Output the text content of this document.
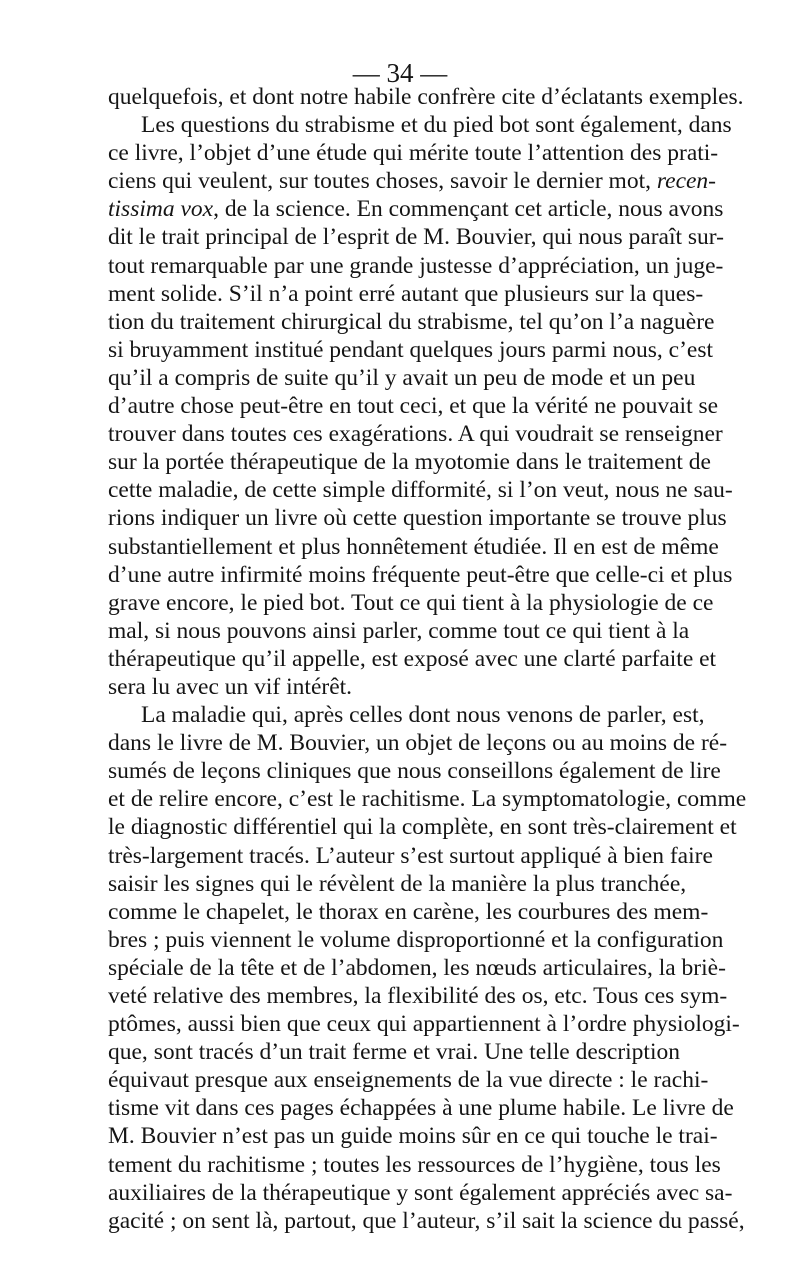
— 34 —
quelquefois, et dont notre habile confrère cite d’éclatants exemples.
Les questions du strabisme et du pied bot sont également, dans
ce livre, l’objet d’une étude qui mérite toute l’attention des prati-
ciens qui veulent, sur toutes choses, savoir le dernier mot, recen-
tissima vox, de la science. En commençant cet article, nous avons
dit le trait principal de l’esprit de M. Bouvier, qui nous paraît sur-
tout remarquable par une grande justesse d’appréciation, un juge-
ment solide. S’il n’a point erré autant que plusieurs sur la ques-
tion du traitement chirurgical du strabisme, tel qu’on l’a naguère
si bruyamment institué pendant quelques jours parmi nous, c’est
qu’il a compris de suite qu’il y avait un peu de mode et un peu
d’autre chose peut-être en tout ceci, et que la vérité ne pouvait se
trouver dans toutes ces exagérations. A qui voudrait se renseigner
sur la portée thérapeutique de la myotomie dans le traitement de
cette maladie, de cette simple difformité, si l’on veut, nous ne sau-
rions indiquer un livre où cette question importante se trouve plus
substantiellement et plus honnêtement étudiée. Il en est de même
d’une autre infirmité moins fréquente peut-être que celle-ci et plus
grave encore, le pied bot. Tout ce qui tient à la physiologie de ce
mal, si nous pouvons ainsi parler, comme tout ce qui tient à la
thérapeutique qu’il appelle, est exposé avec une clarté parfaite et
sera lu avec un vif intérêt.
La maladie qui, après celles dont nous venons de parler, est,
dans le livre de M. Bouvier, un objet de leçons ou au moins de ré-
sumés de leçons cliniques que nous conseillons également de lire
et de relire encore, c’est le rachitisme. La symptomatologie, comme
le diagnostic différentiel qui la complète, en sont très-clairement et
très-largement tracés. L’auteur s’est surtout appliqué à bien faire
saisir les signes qui le révèlent de la manière la plus tranchée,
comme le chapelet, le thorax en carène, les courbures des mem-
bres ; puis viennent le volume disproportionné et la configuration
spéciale de la tête et de l’abdomen, les nœuds articulaires, la briè-
veté relative des membres, la flexibilité des os, etc. Tous ces sym-
ptômes, aussi bien que ceux qui appartiennent à l’ordre physiologi-
que, sont tracés d’un trait ferme et vrai. Une telle description
équivaut presque aux enseignements de la vue directe : le rachi-
tisme vit dans ces pages échappées à une plume habile. Le livre de
M. Bouvier n’est pas un guide moins sûr en ce qui touche le trai-
tement du rachitisme ; toutes les ressources de l’hygiène, tous les
auxiliaires de la thérapeutique y sont également appréciés avec sa-
gacité ; on sent là, partout, que l’auteur, s’il sait la science du passé,
